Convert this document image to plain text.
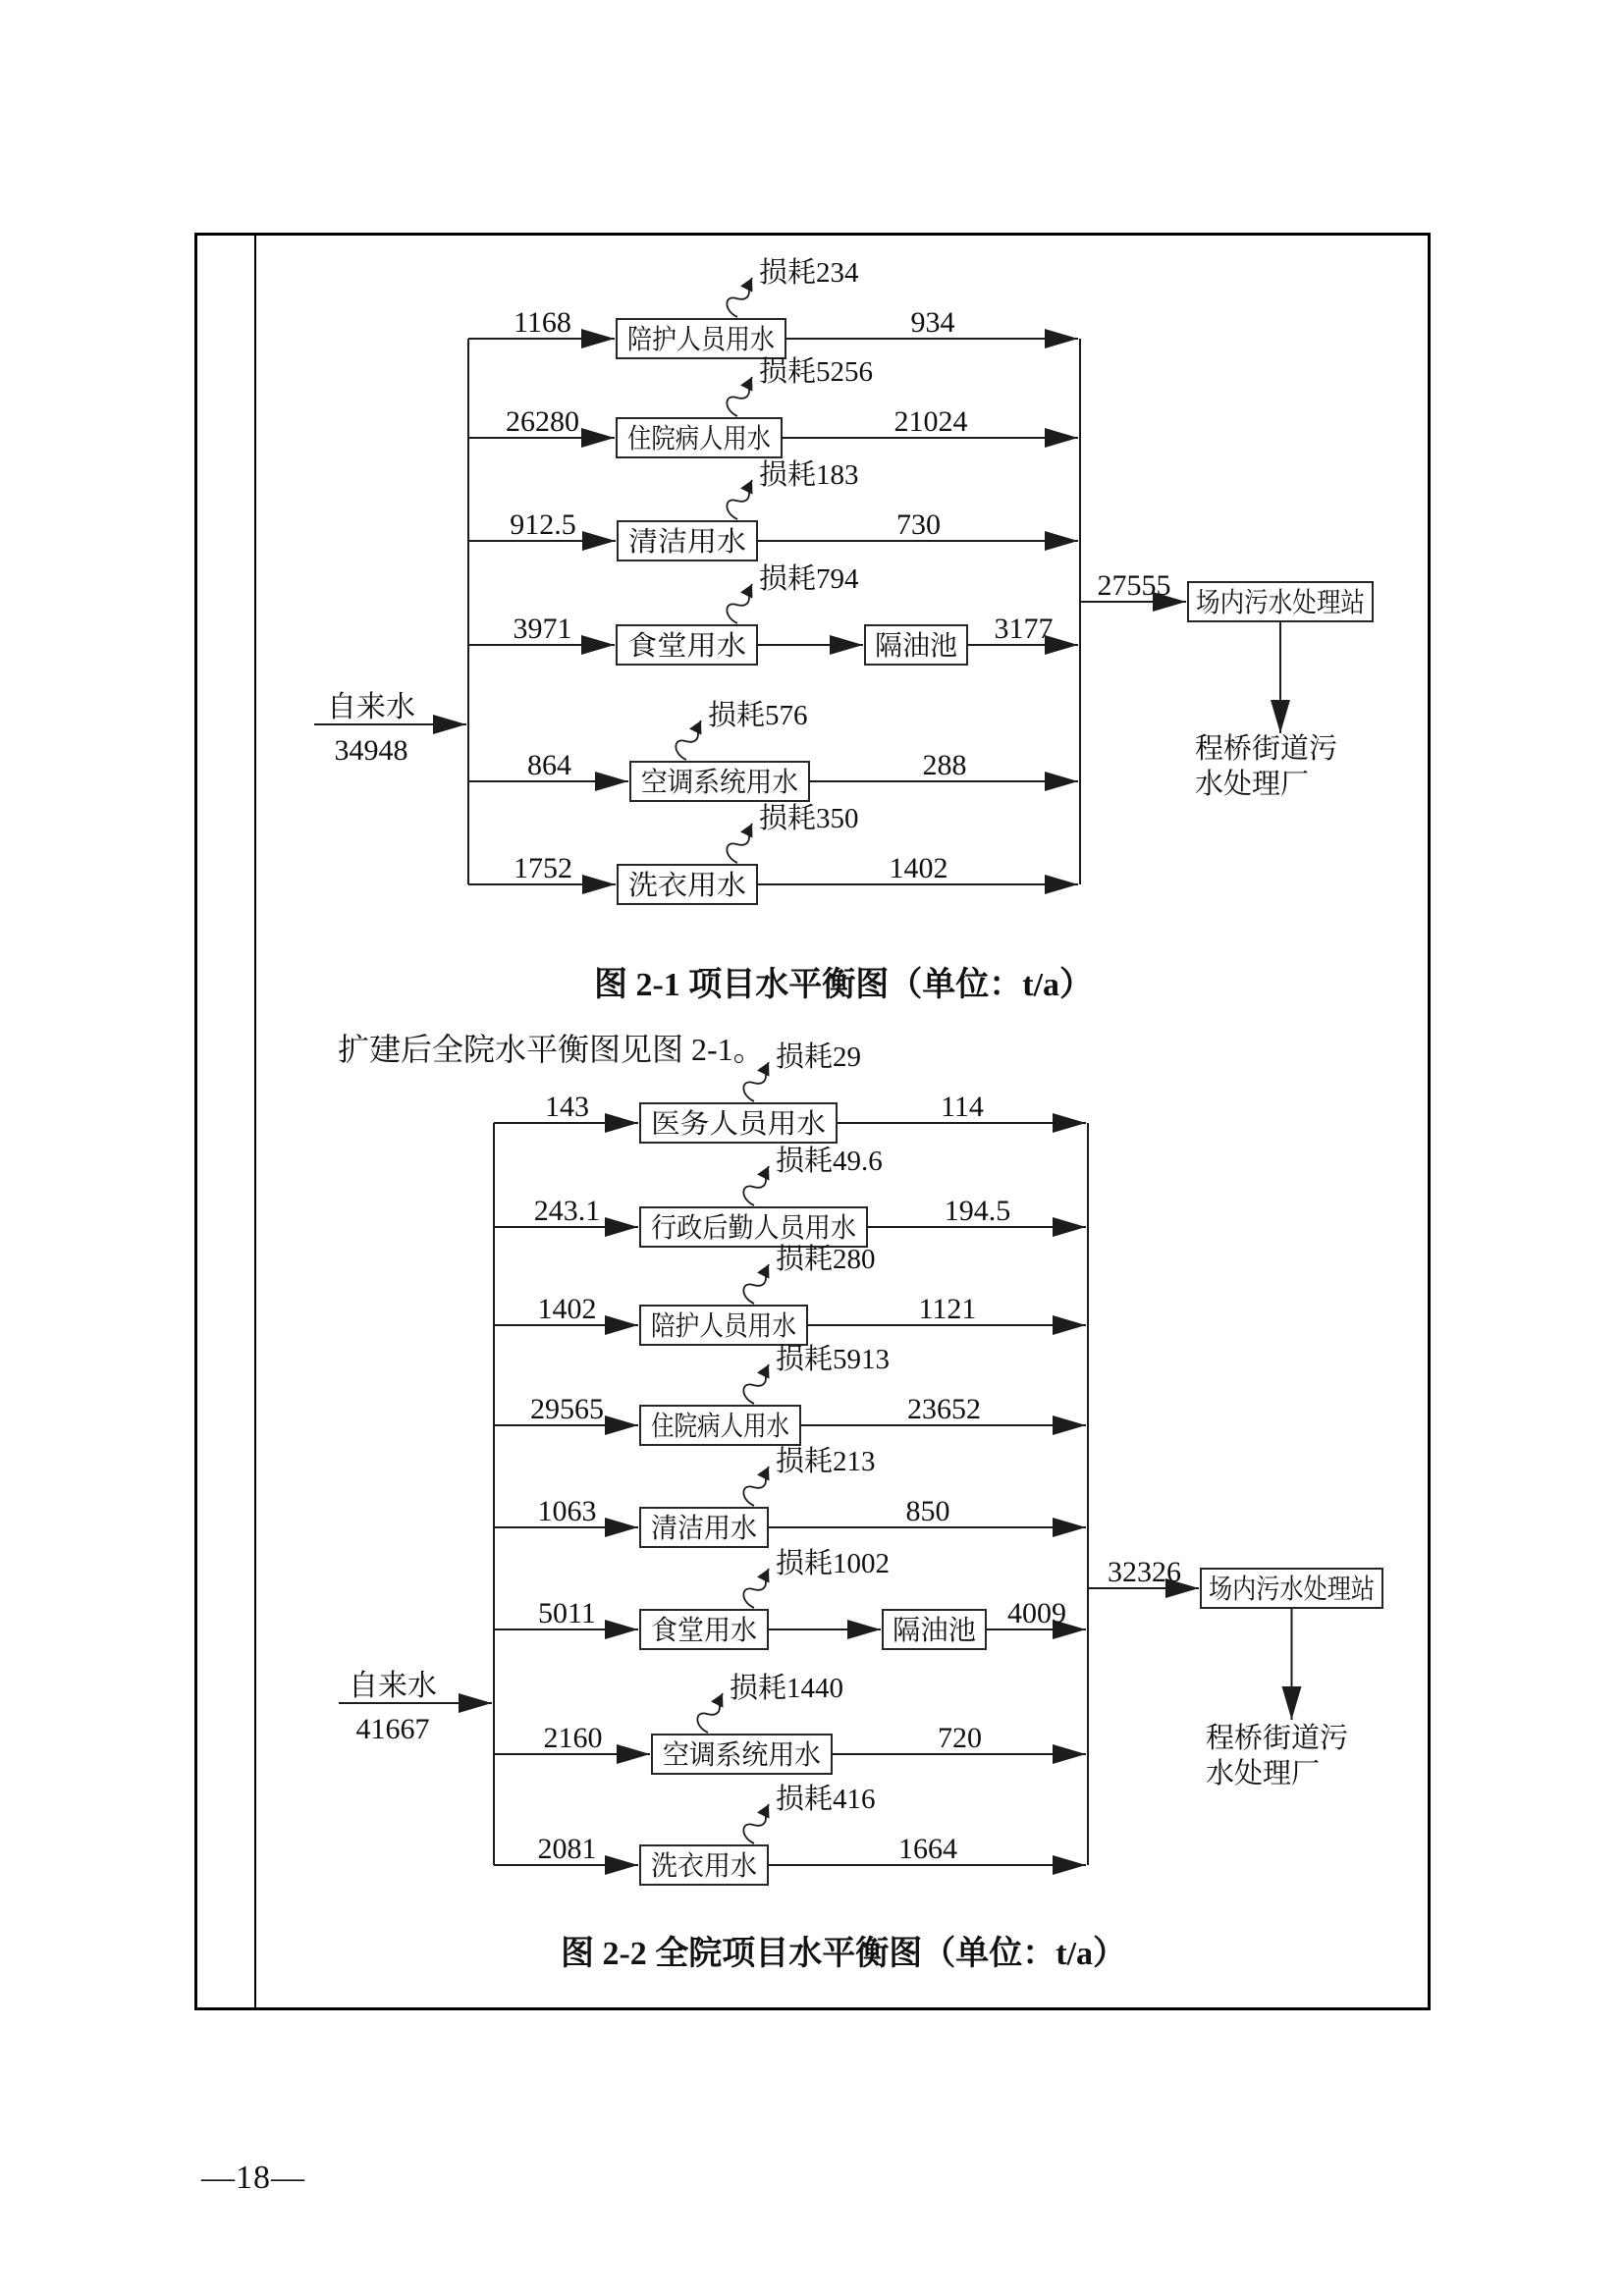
自来水
34948
1168
陪护人员用水
损耗234
934
26280
住院病人用水
损耗5256
21024
912.5
清洁用水
损耗183
730
3971
食堂用水
损耗794
隔油池
3177
864
空调系统用水
损耗576
288
1752
洗衣用水
损耗350
1402
27555
场内污水处理站
程桥街道污水处理厂
自来水
41667
143
医务人员用水
损耗29
114
243.1
行政后勤人员用水
损耗49.6
194.5
1402
陪护人员用水
损耗280
1121
29565
住院病人用水
损耗5913
23652
1063
清洁用水
损耗213
850
5011
食堂用水
损耗1002
隔油池
4009
2160
空调系统用水
损耗1440
720
2081
洗衣用水
损耗416
1664
32326
场内污水处理站
程桥街道污水处理厂
图 2-1 项目水平衡图（单位：t/a）
扩建后全院水平衡图见图 2-1。
图 2-2 全院项目水平衡图（单位：t/a）
—18—
